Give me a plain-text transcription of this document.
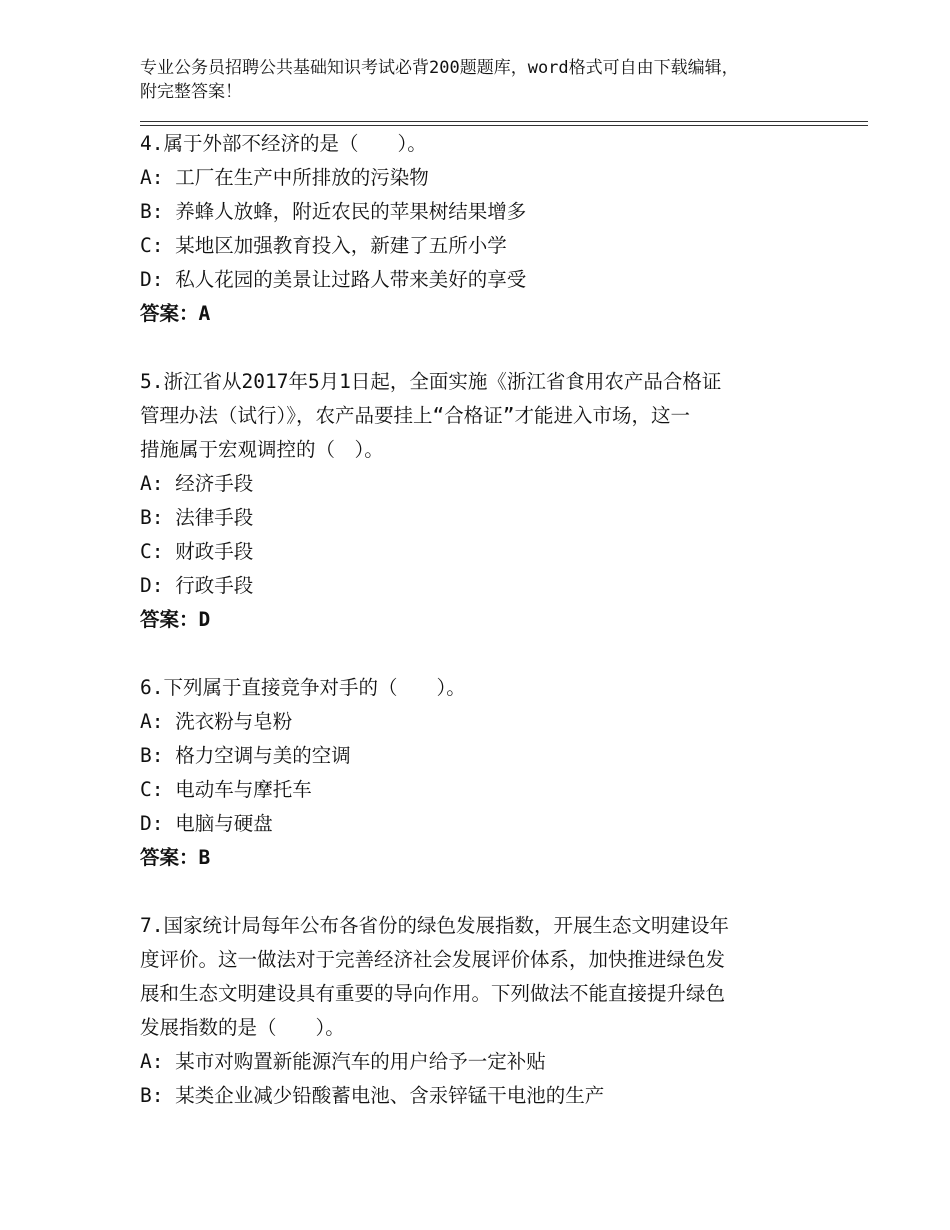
专业公务员招聘公共基础知识考试必背200题题库，word格式可自由下载编辑，
附完整答案！
4.属于外部不经济的是（　　）。
A: 工厂在生产中所排放的污染物
B: 养蜂人放蜂，附近农民的苹果树结果增多
C: 某地区加强教育投入，新建了五所小学
D: 私人花园的美景让过路人带来美好的享受
答案：A
5.浙江省从2017年5月1日起，全面实施《浙江省食用农产品合格证
管理办法（试行）》，农产品要挂上“合格证”才能进入市场，这一
措施属于宏观调控的（　）。
A: 经济手段
B: 法律手段
C: 财政手段
D: 行政手段
答案：D
6.下列属于直接竞争对手的（　　）。
A: 洗衣粉与皂粉
B: 格力空调与美的空调
C: 电动车与摩托车
D: 电脑与硬盘
答案：B
7.国家统计局每年公布各省份的绿色发展指数，开展生态文明建设年
度评价。这一做法对于完善经济社会发展评价体系，加快推进绿色发
展和生态文明建设具有重要的导向作用。下列做法不能直接提升绿色
发展指数的是（　　）。
A: 某市对购置新能源汽车的用户给予一定补贴
B: 某类企业减少铅酸蓄电池、含汞锌锰干电池的生产
